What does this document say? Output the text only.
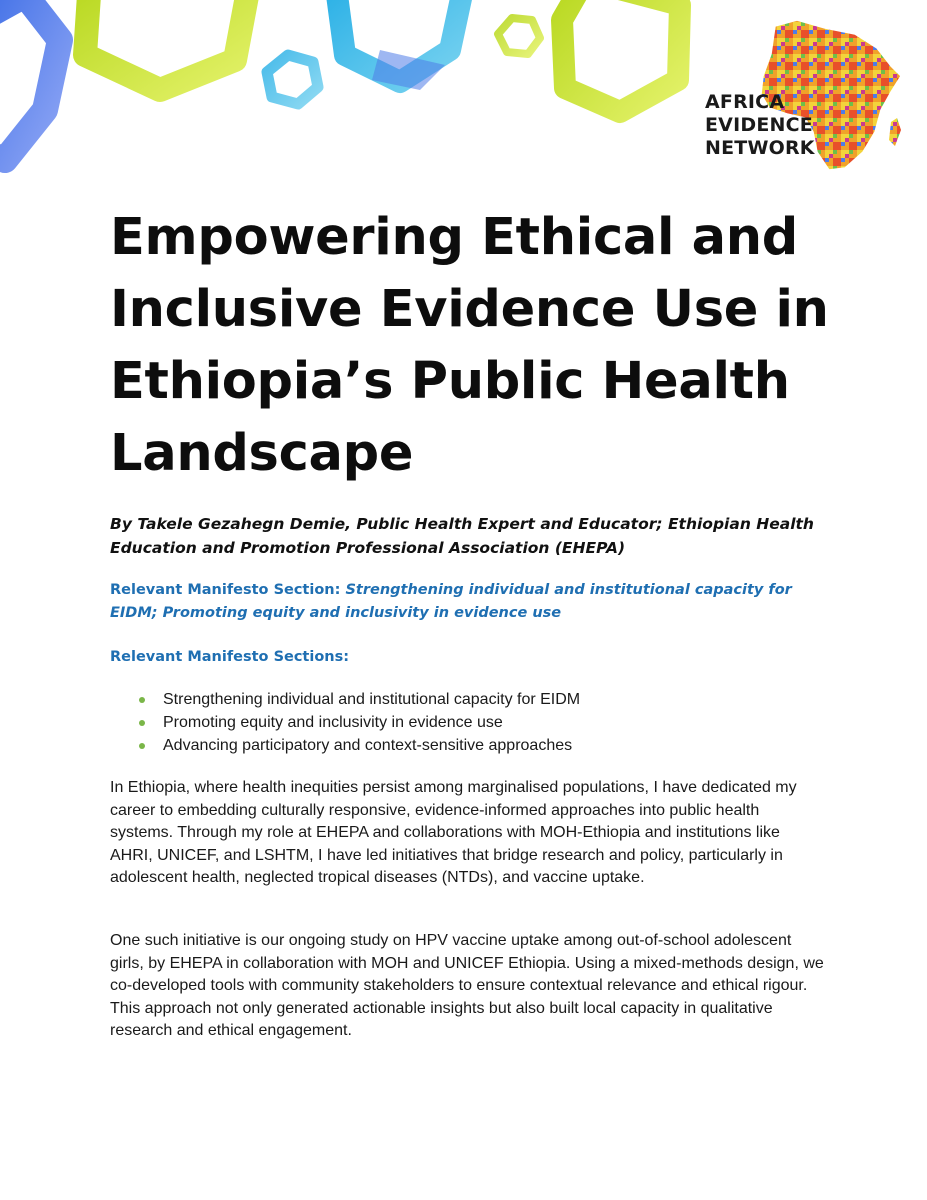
AFRICA
EVIDENCE
NETWORK
Empowering Ethical and Inclusive Evidence Use in Ethiopia’s Public Health Landscape
By Takele Gezahegn Demie, Public Health Expert and Educator; Ethiopian Health Education and Promotion Professional Association (EHEPA)
Relevant Manifesto Section: Strengthening individual and institutional capacity for EIDM; Promoting equity and inclusivity in evidence use
Relevant Manifesto Sections:
Strengthening individual and institutional capacity for EIDM
Promoting equity and inclusivity in evidence use
Advancing participatory and context-sensitive approaches

In Ethiopia, where health inequities persist among marginalised populations, I have dedicated my career to embedding culturally responsive, evidence-informed approaches into public health systems. Through my role at EHEPA and collaborations with MOH-Ethiopia and institutions like AHRI, UNICEF, and LSHTM, I have led initiatives that bridge research and policy, particularly in adolescent health, neglected tropical diseases (NTDs), and vaccine uptake.

One such initiative is our ongoing study on HPV vaccine uptake among out-of-school adolescent girls, by EHEPA in collaboration with MOH and UNICEF Ethiopia. Using a mixed-methods design, we co-developed tools with community stakeholders to ensure contextual relevance and ethical rigour. This approach not only generated actionable insights but also built local capacity in qualitative research and ethical engagement.
